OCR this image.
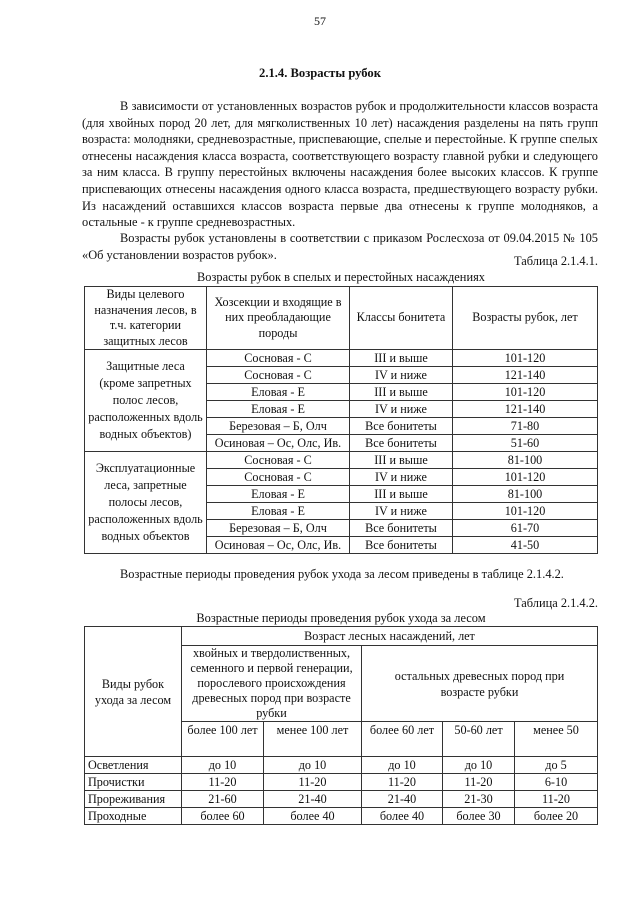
57
2.1.4. Возрасты рубок
В зависимости от установленных возрастов рубок и продолжительности классов возраста (для хвойных пород 20 лет, для мягколиственных 10 лет) насаждения разделены на пять групп возраста: молодняки, средневозрастные, приспевающие, спелые и перестойные. К группе спелых отнесены насаждения класса возраста, соответствующего возрасту главной рубки и следующего за ним класса. В группу перестойных включены насаждения более высоких классов. К группе приспевающих отнесены насаждения одного класса возраста, предшествующего возрасту рубки. Из насаждений оставшихся классов возраста первые два отнесены к группе молодняков, а остальные - к группе средневозрастных.
Возрасты рубок установлены в соответствии с приказом Рослесхоза от 09.04.2015 № 105 «Об установлении возрастов рубок».	Таблица 2.1.4.1.
Возрасты рубок в спелых и перестойных насаждениях
Виды целевого назначения лесов, в т.ч. категории защитных лесов	Хозсекции и входящие в них преобладающие породы	Классы бонитета	Возрасты рубок, лет
Защитные леса (кроме запретных полос лесов, расположенных вдоль водных объектов)	Сосновая - С	III и выше	101-120
	Сосновая - С	IV и ниже	121-140
	Еловая - Е	III и выше	101-120
	Еловая - Е	IV и ниже	121-140
	Березовая – Б, Олч	Все бонитеты	71-80
	Осиновая – Ос, Олс, Ив.	Все бонитеты	51-60
Эксплуатационные леса, запретные полосы лесов, расположенных вдоль водных объектов	Сосновая - С	III и выше	81-100
	Сосновая - С	IV и ниже	101-120
	Еловая - Е	III и выше	81-100
	Еловая - Е	IV и ниже	101-120
	Березовая – Б, Олч	Все бонитеты	61-70
	Осиновая – Ос, Олс, Ив.	Все бонитеты	41-50
Возрастные периоды проведения рубок ухода за лесом приведены в таблице 2.1.4.2.
Таблица 2.1.4.2.
Возрастные периоды проведения рубок ухода за лесом
Виды рубок ухода за лесом	Возраст лесных насаждений, лет				
	хвойных и твердолиственных, семенного и первой генерации, порослевого происхождения древесных пород при возрасте рубки		остальных древесных пород при возрасте рубки		
	более 100 лет	менее 100 лет	более 60 лет	50-60 лет	менее 50
Осветления	до 10	до 10	до 10	до 10	до 5
Прочистки	11-20	11-20	11-20	11-20	6-10
Прореживания	21-60	21-40	21-40	21-30	11-20
Проходные	более 60	более 40	более 40	более 30	более 20
